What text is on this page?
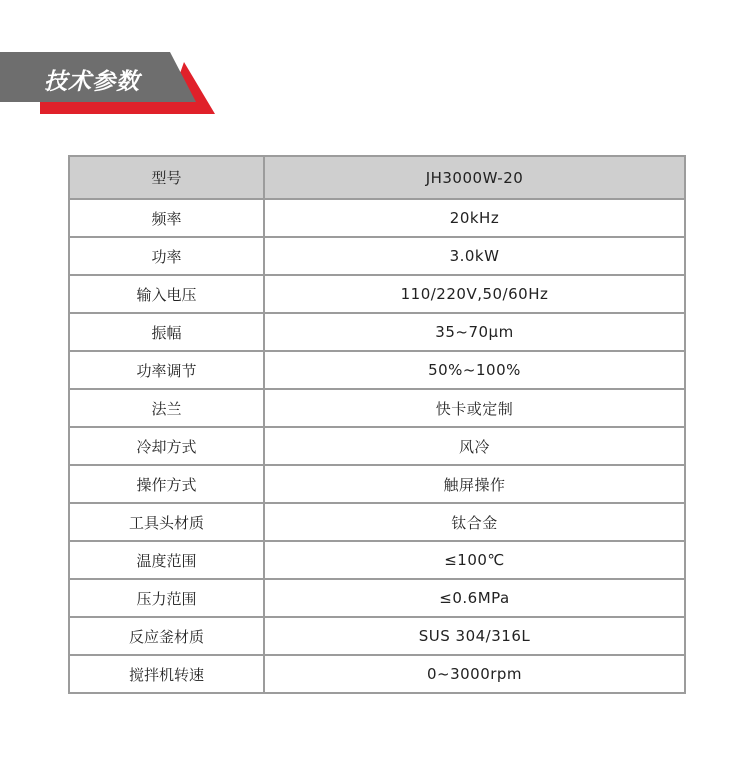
技术参数
型号	JH3000W-20
频率	20kHz
功率	3.0kW
输入电压	110/220V,50/60Hz
振幅	35~70μm
功率调节	50%~100%
法兰	快卡或定制
冷却方式	风冷
操作方式	触屏操作
工具头材质	钛合金
温度范围	≤100℃
压力范围	≤0.6MPa
反应釜材质	SUS 304/316L
搅拌机转速	0~3000rpm
